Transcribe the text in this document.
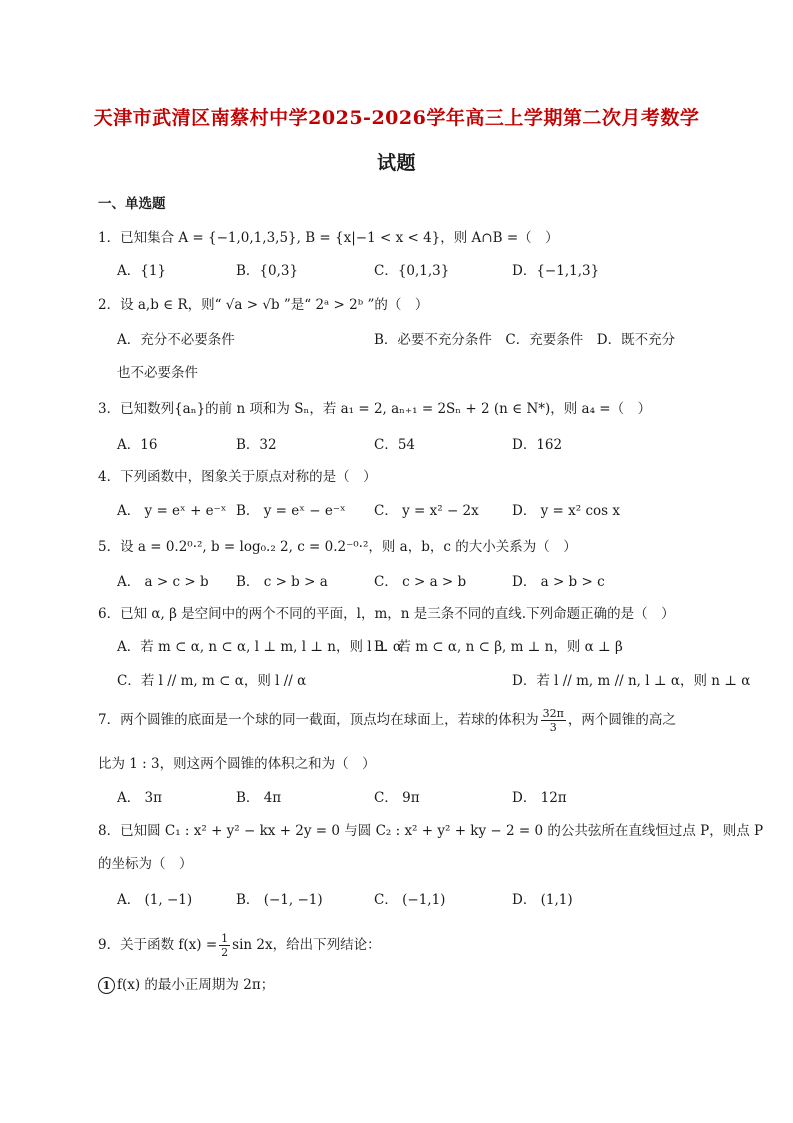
天津市武清区南蔡村中学2025-2026学年高三上学期第二次月考数学
试题
一、单选题
1．已知集合 A = {−1,0,1,3,5}, B = {x|−1 < x < 4}，则 A∩B =（　）
A．{1}	B．{0,3}	C．{0,1,3}	D．{−1,1,3}
2．设 a,b ∈ R，则“ √a > √b ”是“ 2ᵃ > 2ᵇ ”的（　）
A．充分不必要条件	B．必要不充分条件　C．充要条件　D．既不充分
也不必要条件
3．已知数列{aₙ}的前 n 项和为 Sₙ，若 a₁ = 2, aₙ₊₁ = 2Sₙ + 2 (n ∈ N*)，则 a₄ =（　）
A．16	B．32	C．54	D．162
4．下列函数中，图象关于原点对称的是（　）
A． y = eˣ + e⁻ˣ B． y = eˣ − e⁻ˣ C． y = x² − 2x D． y = x² cos x
5．设 a = 0.2⁰·², b = log₀.₂ 2, c = 0.2⁻⁰·²，则 a，b，c 的大小关系为（　）
A． a > c > b B． c > b > a	C． c > a > b	D． a > b > c
6．已知 α, β 是空间中的两个不同的平面，l，m，n 是三条不同的直线.下列命题正确的是（　）
A．若 m ⊂ α, n ⊂ α, l ⊥ m, l ⊥ n，则 l ⊥ α
B．若 m ⊂ α, n ⊂ β, m ⊥ n，则 α ⊥ β
C．若 l // m, m ⊂ α，则 l // α	D．若 l // m, m // n, l ⊥ α，则 n ⊥ α
7．两个圆锥的底面是一个球的同一截面，顶点均在球面上，若球的体积为 $\frac{32\pi}{3}$ ，两个圆锥的高之
比为 1 : 3，则这两个圆锥的体积之和为（　）
A． 3π	B． 4π	C． 9π	D． 12π
8．已知圆 C₁ : x² + y² − kx + 2y = 0 与圆 C₂ : x² + y² + ky − 2 = 0 的公共弦所在直线恒过点 P，则点 P
的坐标为（　）
A． (1, −1)	B． (−1, −1)	C． (−1,1)	D． (1,1)
9．关于函数 $f(x) = \frac{1}{2}$ sin 2x，给出下列结论：
1 f(x) 的最小正周期为 2π；
